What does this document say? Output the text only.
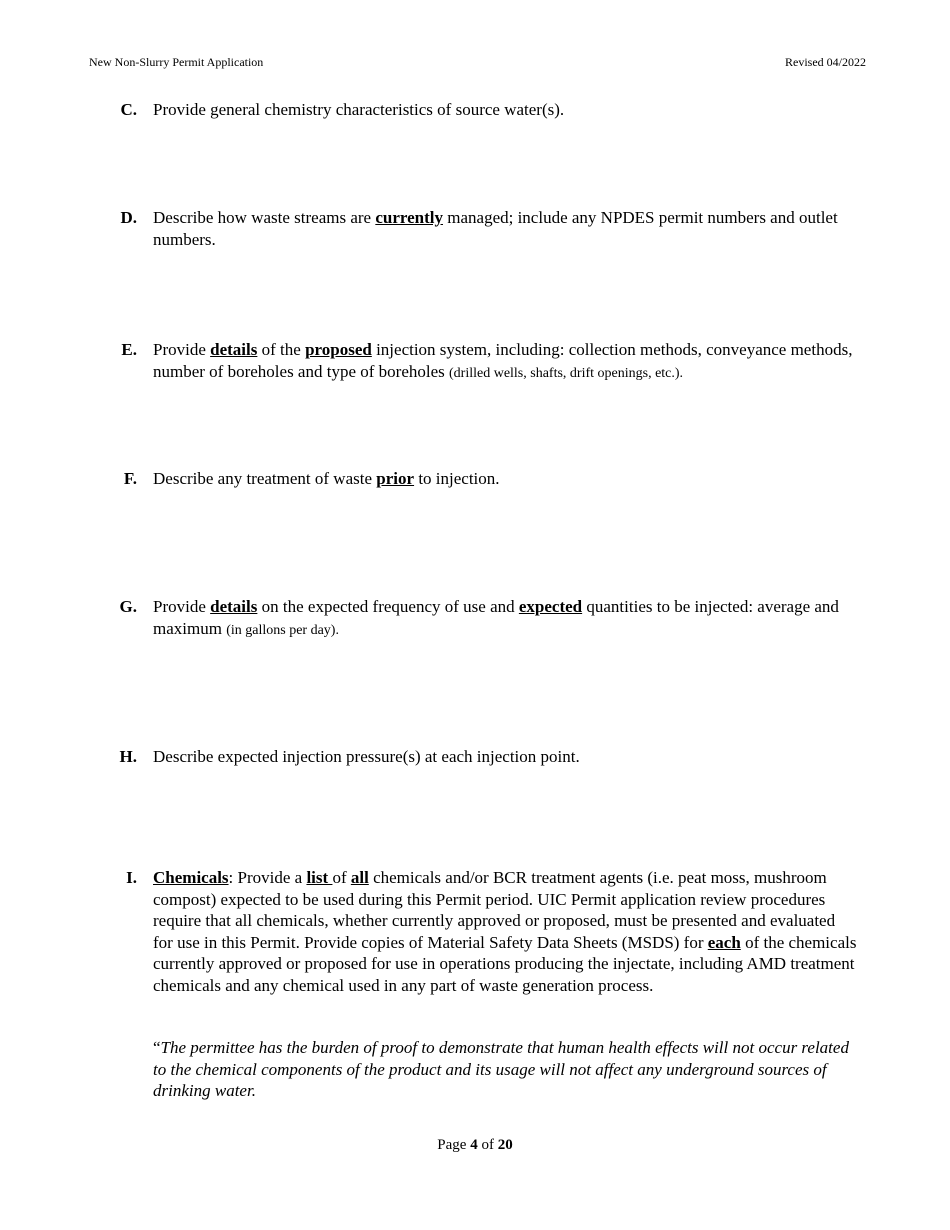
New Non-Slurry Permit Application	Revised 04/2022
C. Provide general chemistry characteristics of source water(s).
D. Describe how waste streams are currently managed; include any NPDES permit numbers and outlet numbers.
E. Provide details of the proposed injection system, including: collection methods, conveyance methods, number of boreholes and type of boreholes (drilled wells, shafts, drift openings, etc.).
F. Describe any treatment of waste prior to injection.
G. Provide details on the expected frequency of use and expected quantities to be injected: average and maximum (in gallons per day).
H. Describe expected injection pressure(s) at each injection point.
I. Chemicals: Provide a list of all chemicals and/or BCR treatment agents (i.e. peat moss, mushroom compost) expected to be used during this Permit period. UIC Permit application review procedures require that all chemicals, whether currently approved or proposed, must be presented and evaluated for use in this Permit. Provide copies of Material Safety Data Sheets (MSDS) for each of the chemicals currently approved or proposed for use in operations producing the injectate, including AMD treatment chemicals and any chemical used in any part of waste generation process.
“The permittee has the burden of proof to demonstrate that human health effects will not occur related to the chemical components of the product and its usage will not affect any underground sources of drinking water.
Page 4 of 20
